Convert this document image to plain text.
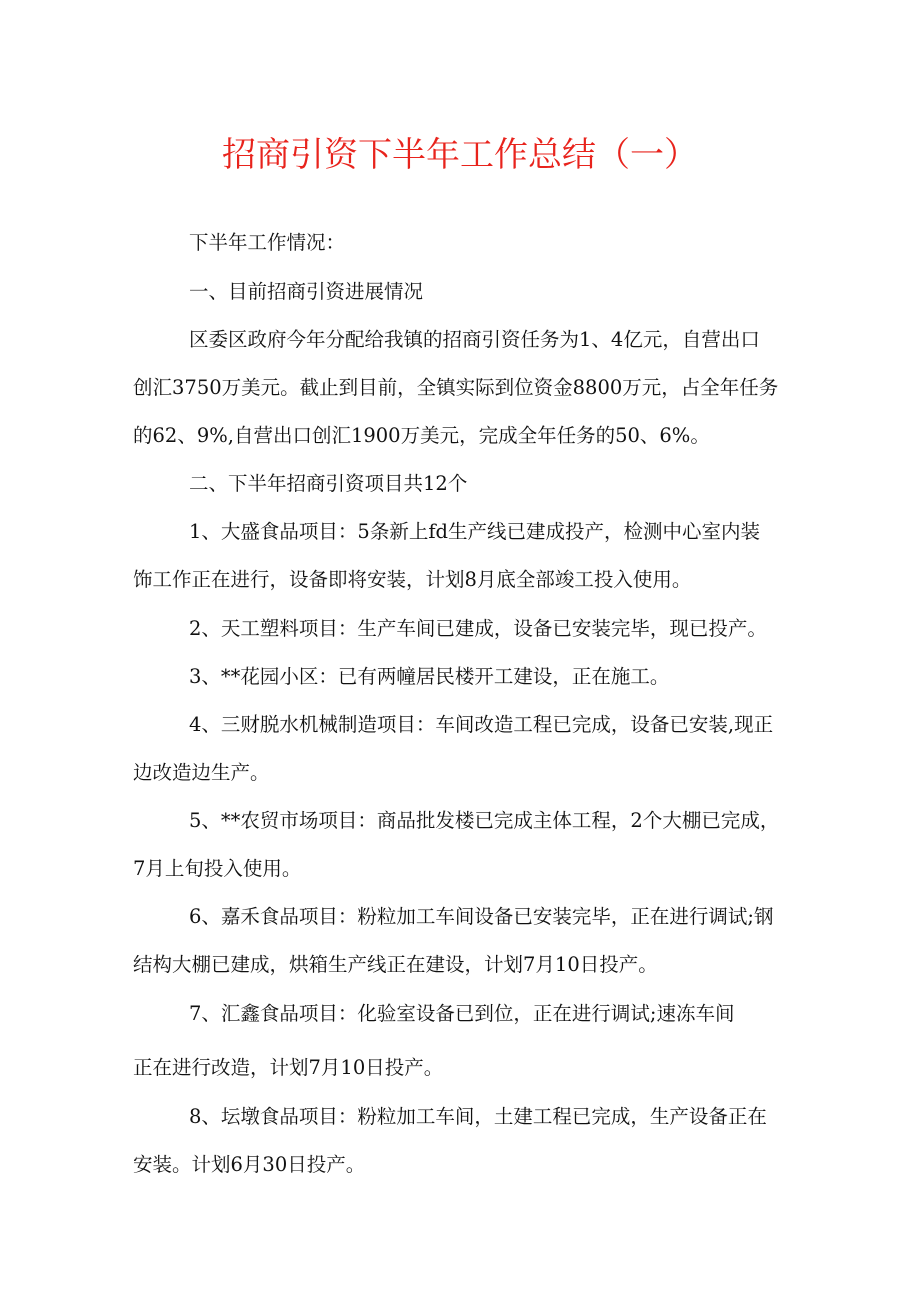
招商引资下半年工作总结（一）
下半年工作情况：
一、目前招商引资进展情况
区委区政府今年分配给我镇的招商引资任务为1、4亿元，自营出口
创汇3750万美元。截止到目前，全镇实际到位资金8800万元，占全年任务
的62、9%,自营出口创汇1900万美元，完成全年任务的50、6%。
二、下半年招商引资项目共12个
1、大盛食品项目：5条新上fd生产线已建成投产，检测中心室内装
饰工作正在进行，设备即将安装，计划8月底全部竣工投入使用。
2、天工塑料项目：生产车间已建成，设备已安装完毕，现已投产。
3、**花园小区：已有两幢居民楼开工建设，正在施工。
4、三财脱水机械制造项目：车间改造工程已完成，设备已安装,现正
边改造边生产。
5、**农贸市场项目：商品批发楼已完成主体工程，2个大棚已完成，
7月上旬投入使用。
6、嘉禾食品项目：粉粒加工车间设备已安装完毕，正在进行调试;钢
结构大棚已建成，烘箱生产线正在建设，计划7月10日投产。
7、汇鑫食品项目：化验室设备已到位，正在进行调试;速冻车间
正在进行改造，计划7月10日投产。
8、坛墩食品项目：粉粒加工车间，土建工程已完成，生产设备正在
安装。计划6月30日投产。
